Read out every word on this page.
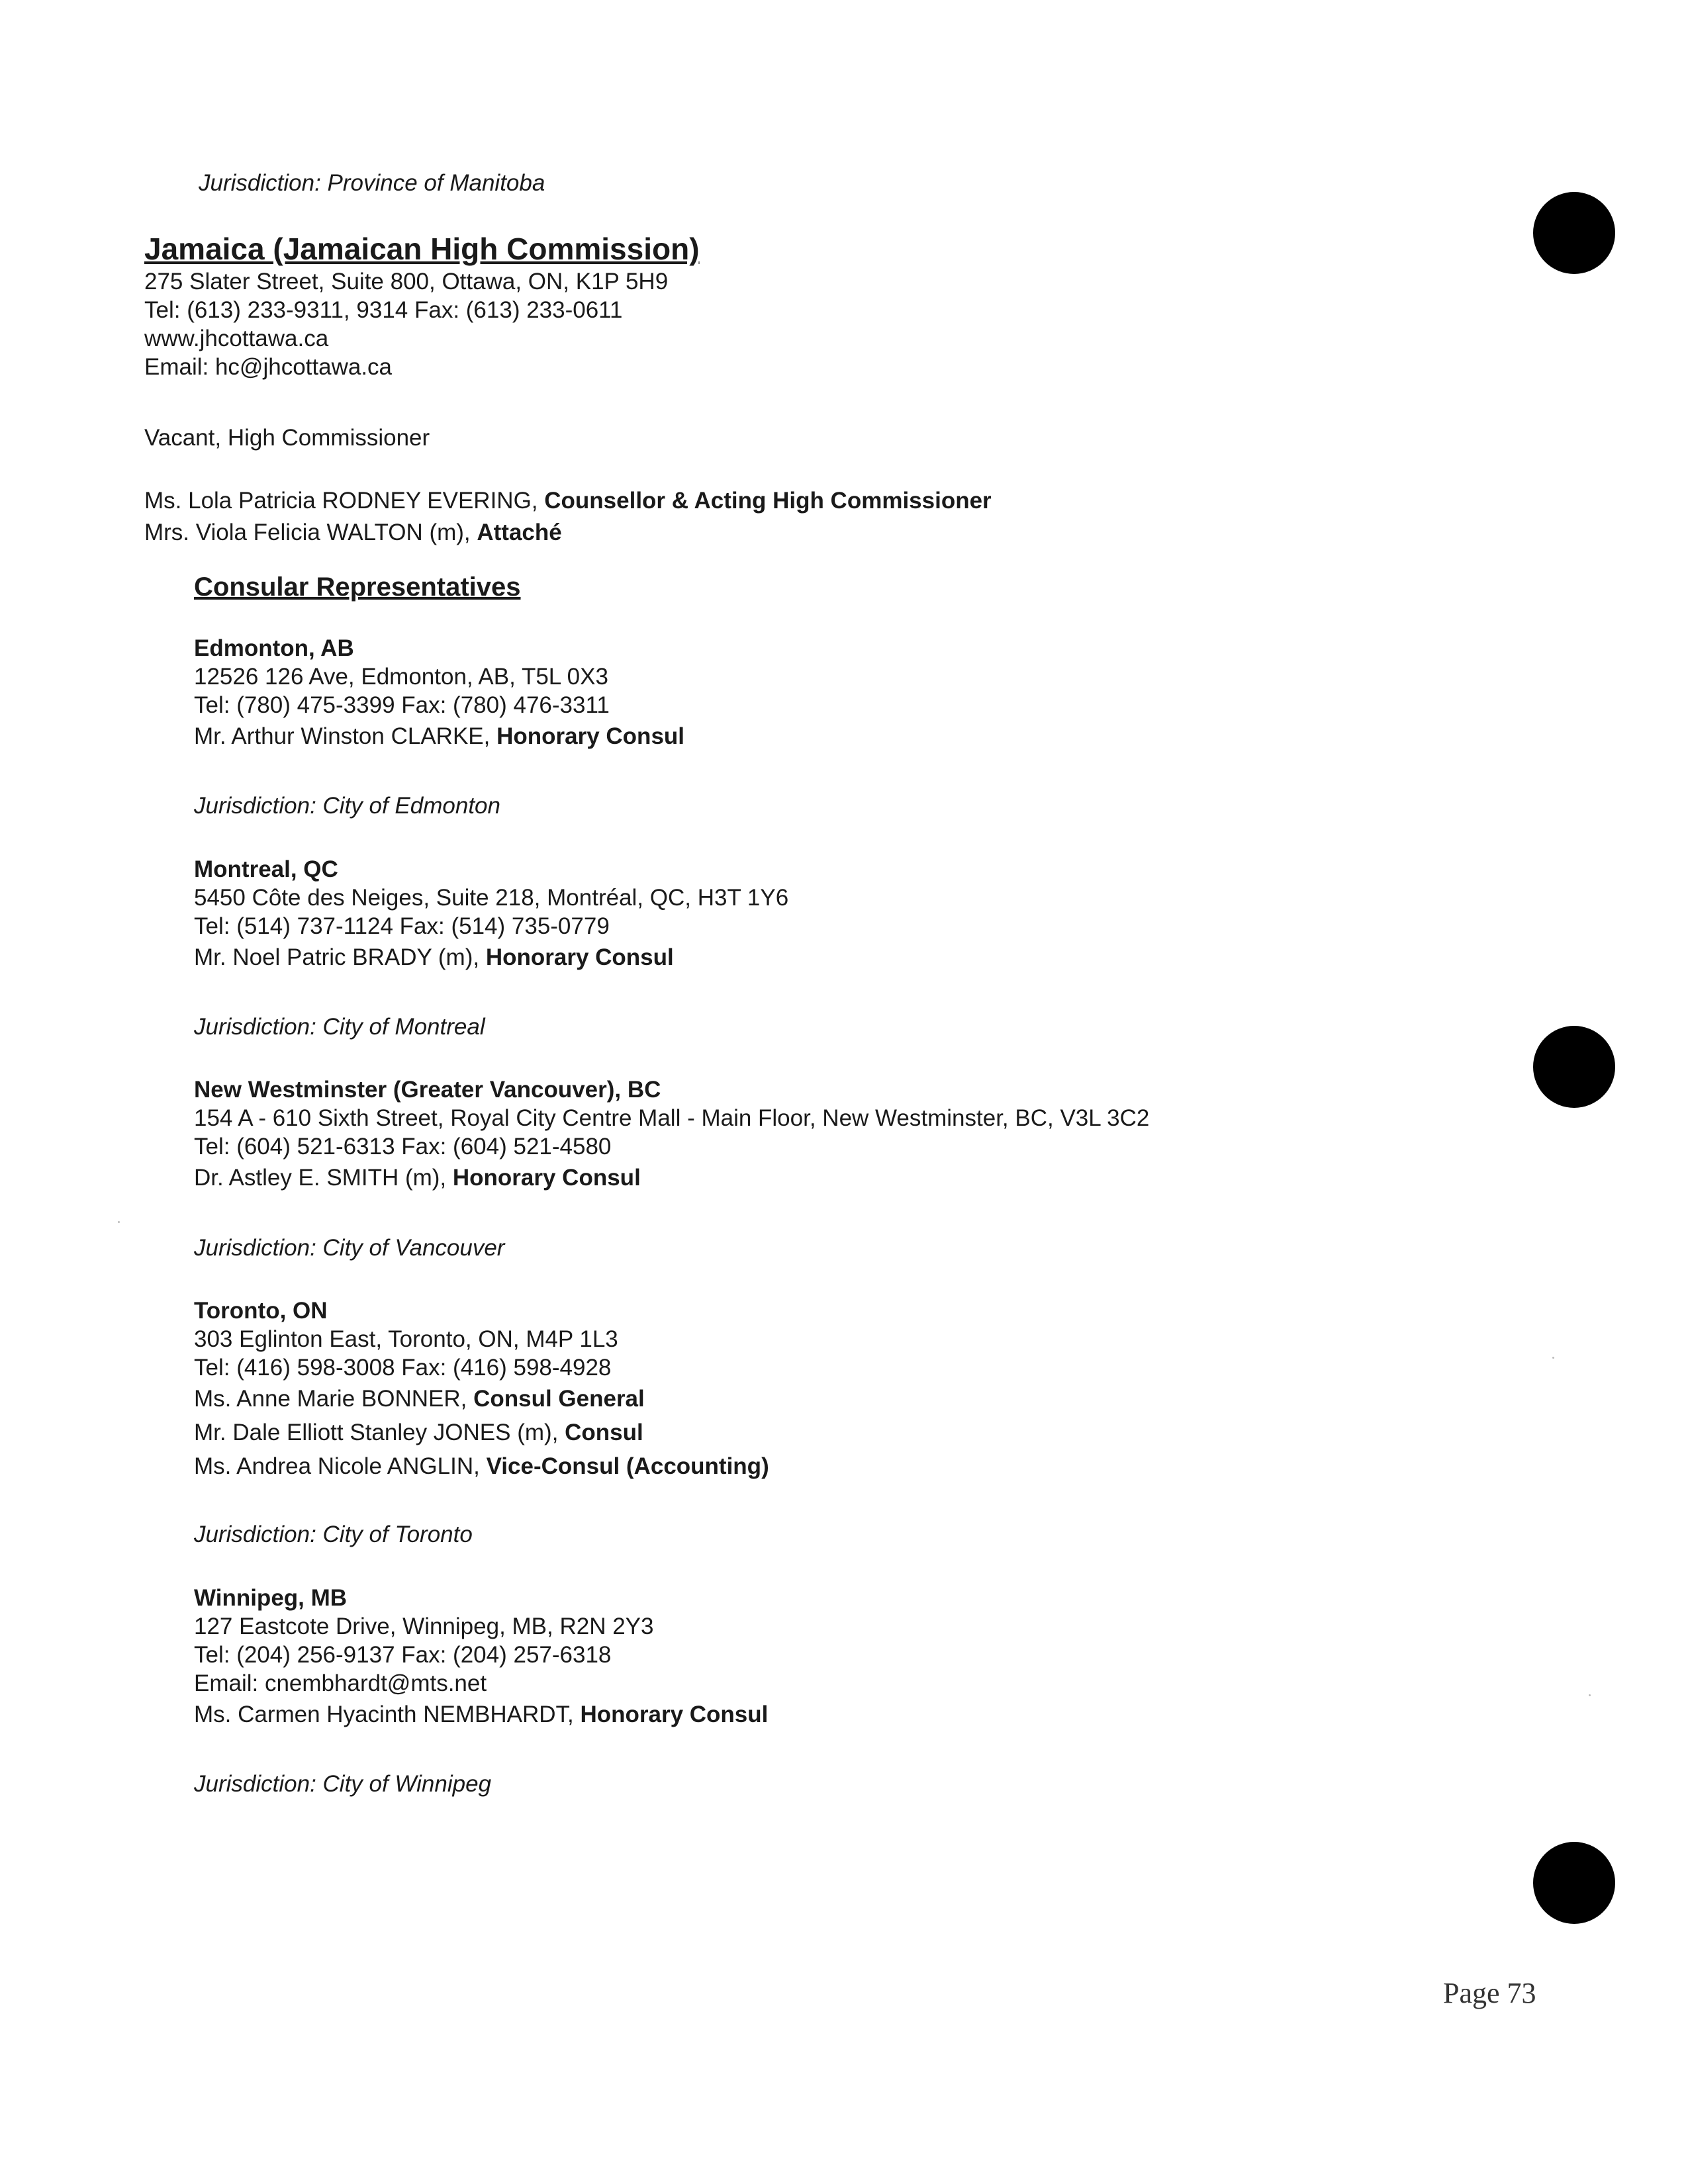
Jurisdiction: Province of Manitoba
Jamaica (Jamaican High Commission)
275 Slater Street, Suite 800, Ottawa, ON, K1P 5H9
Tel: (613) 233-9311, 9314 Fax: (613) 233-0611
www.jhcottawa.ca
Email: hc@jhcottawa.ca
Vacant, High Commissioner
Ms. Lola Patricia RODNEY EVERING, Counsellor & Acting High Commissioner
Mrs. Viola Felicia WALTON (m), Attaché
Consular Representatives
Edmonton, AB
12526 126 Ave, Edmonton, AB, T5L 0X3
Tel: (780) 475-3399 Fax: (780) 476-3311
Mr. Arthur Winston CLARKE, Honorary Consul
Jurisdiction: City of Edmonton
Montreal, QC
5450 Côte des Neiges, Suite 218, Montréal, QC, H3T 1Y6
Tel: (514) 737-1124 Fax: (514) 735-0779
Mr. Noel Patric BRADY (m), Honorary Consul
Jurisdiction: City of Montreal
New Westminster (Greater Vancouver), BC
154 A - 610 Sixth Street, Royal City Centre Mall - Main Floor, New Westminster, BC, V3L 3C2
Tel: (604) 521-6313 Fax: (604) 521-4580
Dr. Astley E. SMITH (m), Honorary Consul
Jurisdiction: City of Vancouver
Toronto, ON
303 Eglinton East, Toronto, ON, M4P 1L3
Tel: (416) 598-3008 Fax: (416) 598-4928
Ms. Anne Marie BONNER, Consul General
Mr. Dale Elliott Stanley JONES (m), Consul
Ms. Andrea Nicole ANGLIN, Vice-Consul (Accounting)
Jurisdiction: City of Toronto
Winnipeg, MB
127 Eastcote Drive, Winnipeg, MB, R2N 2Y3
Tel: (204) 256-9137 Fax: (204) 257-6318
Email: cnembhardt@mts.net
Ms. Carmen Hyacinth NEMBHARDT, Honorary Consul
Jurisdiction: City of Winnipeg
Page 73
